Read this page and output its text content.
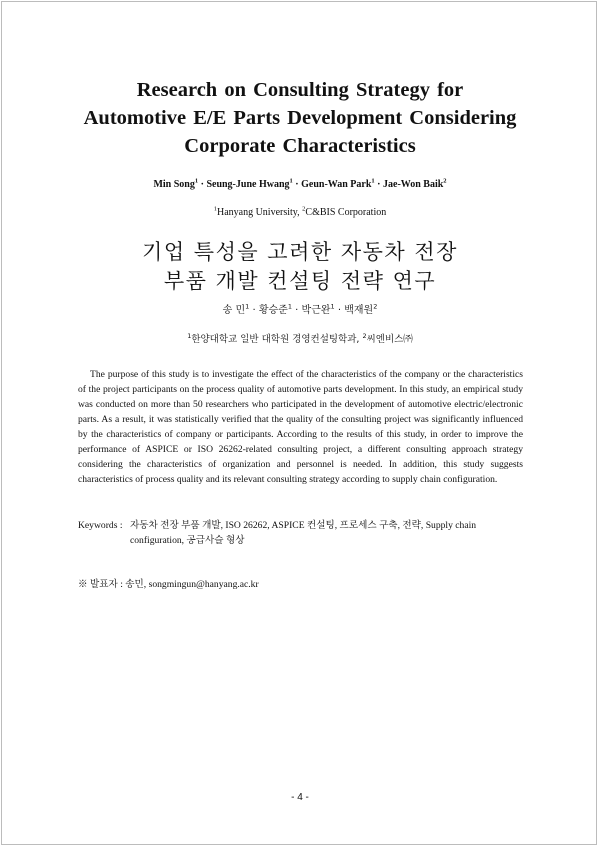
Research on Consulting Strategy for
Automotive E/E Parts Development Considering
Corporate Characteristics
Min Song$^1$ · Seung-June Hwang$^1$ · Geun-Wan Park$^1$ · Jae-Won Baik$^2$
$^1$Hanyang University, $^2$C&BIS Corporation
기업 특성을 고려한 자동차 전장
부품 개발 컨설팅 전략 연구
송 민$^1$ · 황승준$^1$ · 박근완$^1$ · 백재원$^2$
$^1$한양대학교 일반 대학원 경영컨설팅학과, $^2$씨엔비스㈜

The purpose of this study is to investigate the effect of the characteristics of the company or the characteristics of the project participants on the process quality of automotive parts development. In this study, an empirical study was conducted on more than 50 researchers who participated in the development of automotive electric/electronic parts. As a result, it was statistically verified that the quality of the consulting project was significantly influenced by the characteristics of company or participants. According to the results of this study, in order to improve the performance of ASPICE or ISO 26262-related consulting project, a different consulting approach strategy considering the characteristics of organization and personnel is needed. In addition, this study suggests characteristics of process quality and its relevant consulting strategy according to supply chain configuration.

Keywords : 자동차 전장 부품 개발, ISO 26262, ASPICE 컨설팅, 프로세스 구축, 전략, Supply chain configuration, 공급사슬 형상
※ 발표자 : 송민, songmingun@hanyang.ac.kr
- 4 -
